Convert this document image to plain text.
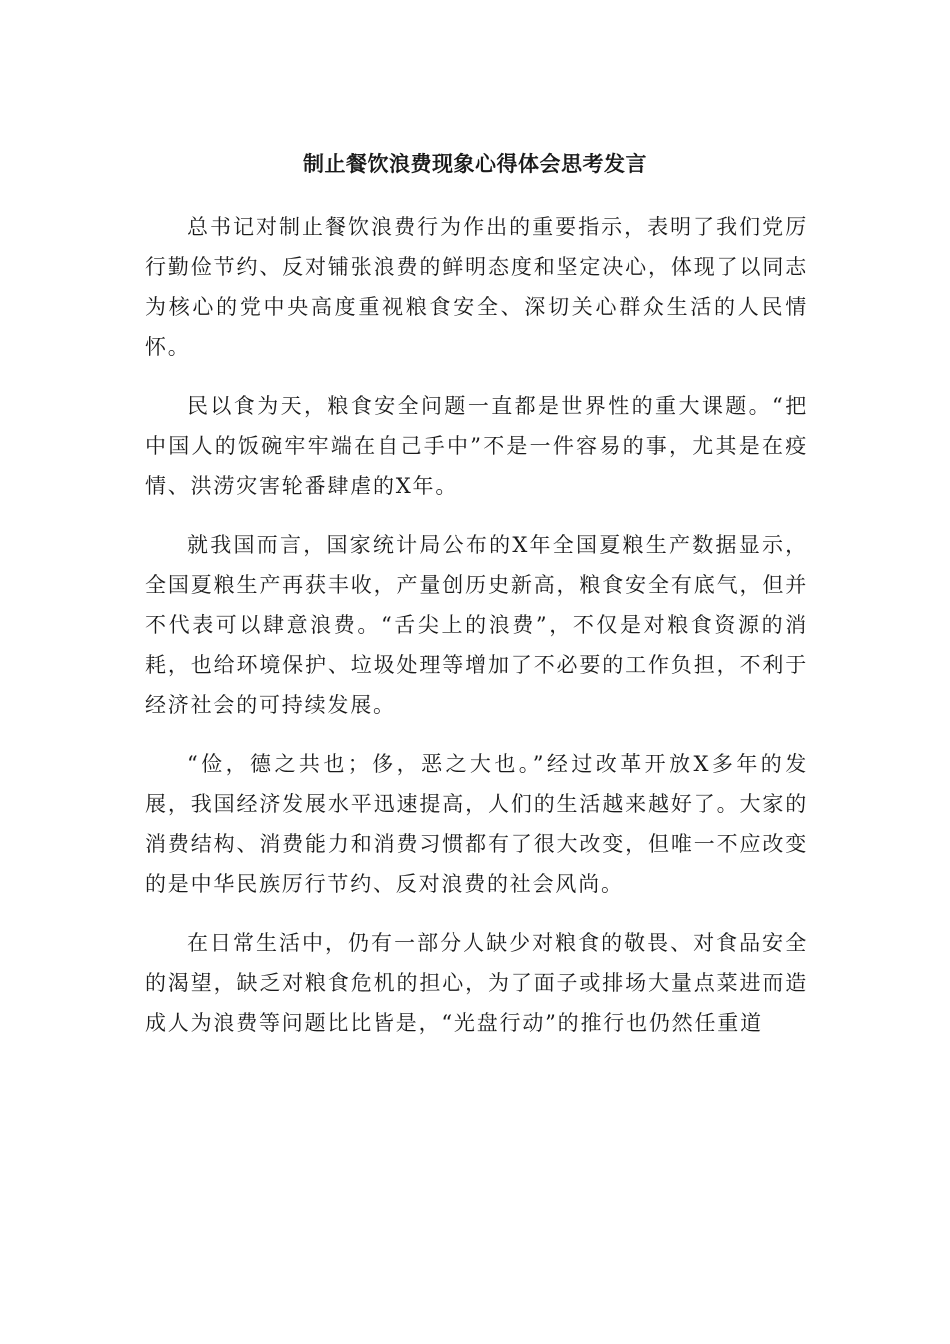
制止餐饮浪费现象心得体会思考发言

总书记对制止餐饮浪费行为作出的重要指示，表明了我们党厉行勤俭节约、反对铺张浪费的鲜明态度和坚定决心，体现了以同志为核心的党中央高度重视粮食安全、深切关心群众生活的人民情怀。

民以食为天，粮食安全问题一直都是世界性的重大课题。“把中国人的饭碗牢牢端在自己手中”不是一件容易的事，尤其是在疫情、洪涝灾害轮番肆虐的X年。

就我国而言，国家统计局公布的X年全国夏粮生产数据显示，全国夏粮生产再获丰收，产量创历史新高，粮食安全有底气，但并不代表可以肆意浪费。“舌尖上的浪费”，不仅是对粮食资源的消耗，也给环境保护、垃圾处理等增加了不必要的工作负担，不利于经济社会的可持续发展。

“俭，德之共也；侈，恶之大也。”经过改革开放X多年的发展，我国经济发展水平迅速提高，人们的生活越来越好了。大家的消费结构、消费能力和消费习惯都有了很大改变，但唯一不应改变的是中华民族厉行节约、反对浪费的社会风尚。

在日常生活中，仍有一部分人缺少对粮食的敬畏、对食品安全的渴望，缺乏对粮食危机的担心，为了面子或排场大量点菜进而造成人为浪费等问题比比皆是，“光盘行动”的推行也仍然任重道
